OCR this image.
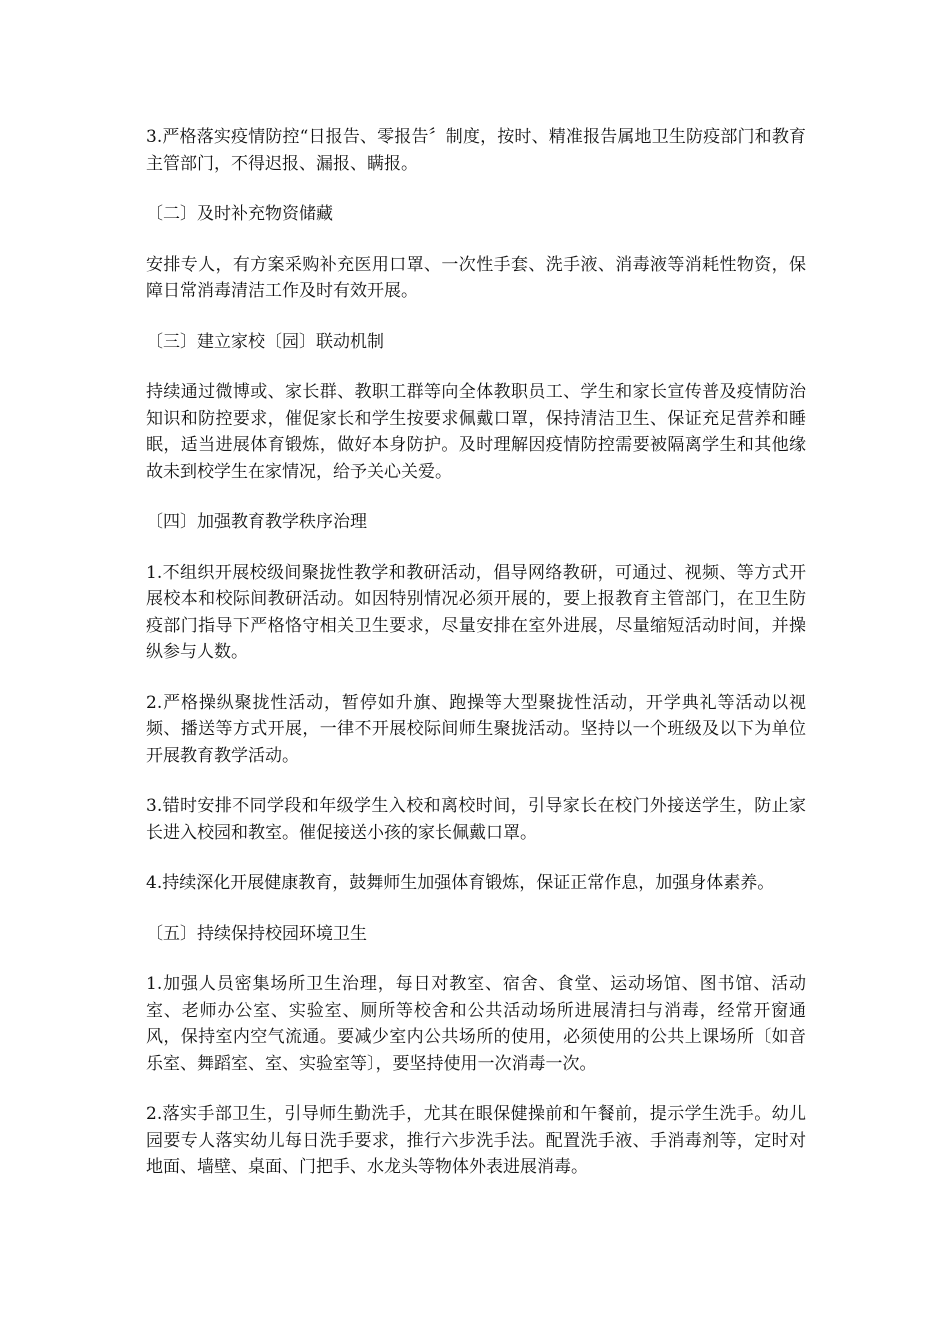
3.严格落实疫情防控“日报告、零报告〞制度，按时、精准报告属地卫生防疫部门和教育主管部门，不得迟报、漏报、瞒报。

〔二〕及时补充物资储藏

安排专人，有方案采购补充医用口罩、一次性手套、洗手液、消毒液等消耗性物资，保障日常消毒清洁工作及时有效开展。

〔三〕建立家校〔园〕联动机制

持续通过微博或、家长群、教职工群等向全体教职员工、学生和家长宣传普及疫情防治知识和防控要求，催促家长和学生按要求佩戴口罩，保持清洁卫生、保证充足营养和睡眠，适当进展体育锻炼，做好本身防护。及时理解因疫情防控需要被隔离学生和其他缘故未到校学生在家情况，给予关心关爱。

〔四〕加强教育教学秩序治理

1.不组织开展校级间聚拢性教学和教研活动，倡导网络教研，可通过、视频、等方式开展校本和校际间教研活动。如因特别情况必须开展的，要上报教育主管部门，在卫生防疫部门指导下严格恪守相关卫生要求，尽量安排在室外进展，尽量缩短活动时间，并操纵参与人数。

2.严格操纵聚拢性活动，暂停如升旗、跑操等大型聚拢性活动，开学典礼等活动以视频、播送等方式开展，一律不开展校际间师生聚拢活动。坚持以一个班级及以下为单位开展教育教学活动。

3.错时安排不同学段和年级学生入校和离校时间，引导家长在校门外接送学生，防止家长进入校园和教室。催促接送小孩的家长佩戴口罩。

4.持续深化开展健康教育，鼓舞师生加强体育锻炼，保证正常作息，加强身体素养。

〔五〕持续保持校园环境卫生

1.加强人员密集场所卫生治理，每日对教室、宿舍、食堂、运动场馆、图书馆、活动室、老师办公室、实验室、厕所等校舍和公共活动场所进展清扫与消毒，经常开窗通风，保持室内空气流通。要减少室内公共场所的使用，必须使用的公共上课场所〔如音乐室、舞蹈室、室、实验室等〕，要坚持使用一次消毒一次。

2.落实手部卫生，引导师生勤洗手，尤其在眼保健操前和午餐前，提示学生洗手。幼儿园要专人落实幼儿每日洗手要求，推行六步洗手法。配置洗手液、手消毒剂等，定时对地面、墙壁、桌面、门把手、水龙头等物体外表进展消毒。
